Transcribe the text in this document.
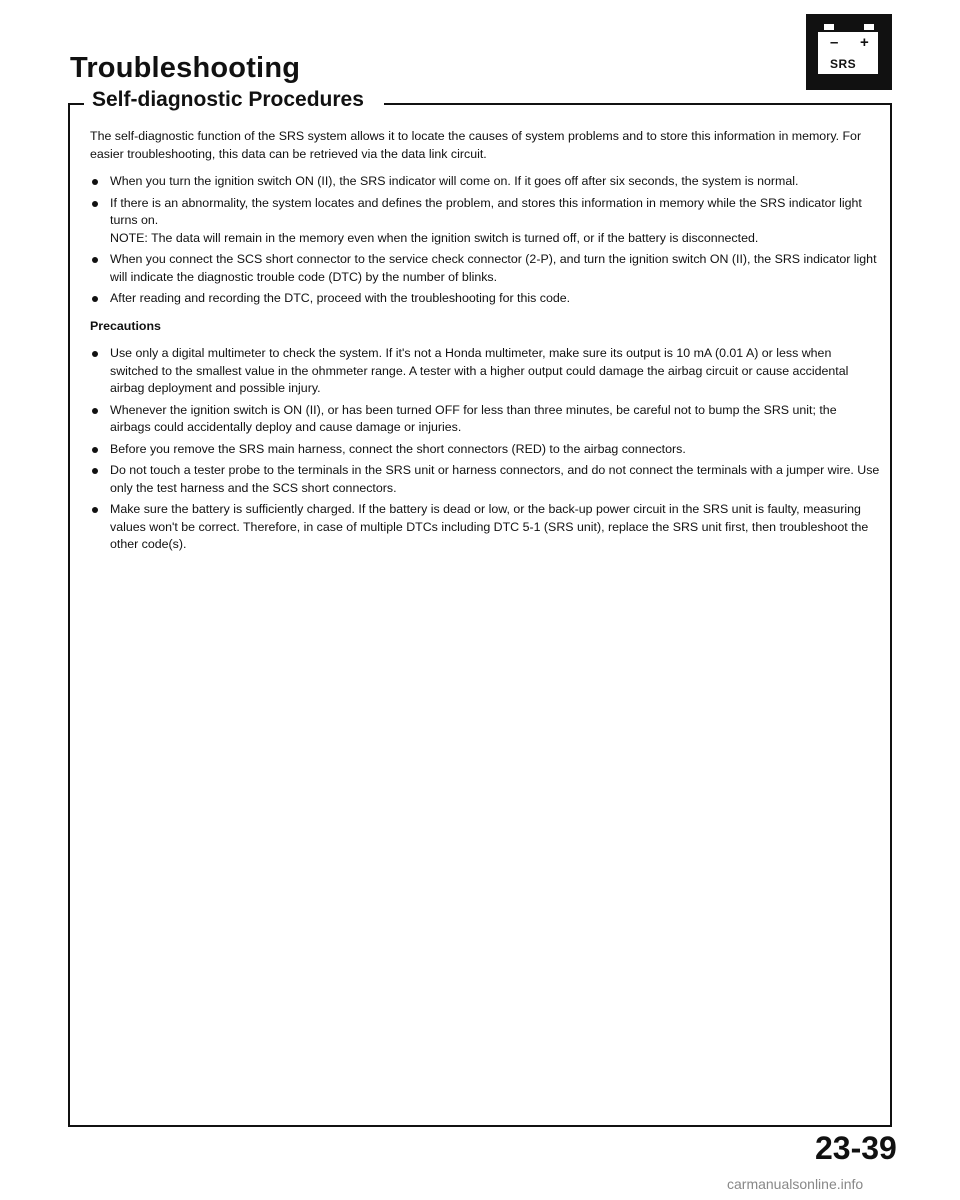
Troubleshooting
Self-diagnostic Procedures
– +
SRS

The self-diagnostic function of the SRS system allows it to locate the causes of system problems and to store this information in memory. For easier troubleshooting, this data can be retrieved via the data link circuit.

When you turn the ignition switch ON (II), the SRS indicator will come on. If it goes off after six seconds, the system is normal.
If there is an abnormality, the system locates and defines the problem, and stores this information in memory while the SRS indicator light turns on.
NOTE: The data will remain in the memory even when the ignition switch is turned off, or if the battery is disconnected.
When you connect the SCS short connector to the service check connector (2-P), and turn the ignition switch ON (II), the SRS indicator light will indicate the diagnostic trouble code (DTC) by the number of blinks.
After reading and recording the DTC, proceed with the troubleshooting for this code.

Precautions

Use only a digital multimeter to check the system. If it's not a Honda multimeter, make sure its output is 10 mA (0.01 A) or less when switched to the smallest value in the ohmmeter range. A tester with a higher output could damage the airbag circuit or cause accidental airbag deployment and possible injury.
Whenever the ignition switch is ON (II), or has been turned OFF for less than three minutes, be careful not to bump the SRS unit; the airbags could accidentally deploy and cause damage or injuries.
Before you remove the SRS main harness, connect the short connectors (RED) to the airbag connectors.
Do not touch a tester probe to the terminals in the SRS unit or harness connectors, and do not connect the terminals with a jumper wire. Use only the test harness and the SCS short connectors.
Make sure the battery is sufficiently charged. If the battery is dead or low, or the back-up power circuit in the SRS unit is faulty, measuring values won't be correct. Therefore, in case of multiple DTCs including DTC 5-1 (SRS unit), replace the SRS unit first, then troubleshoot the other code(s).

23-39

carmanualsonline.info
